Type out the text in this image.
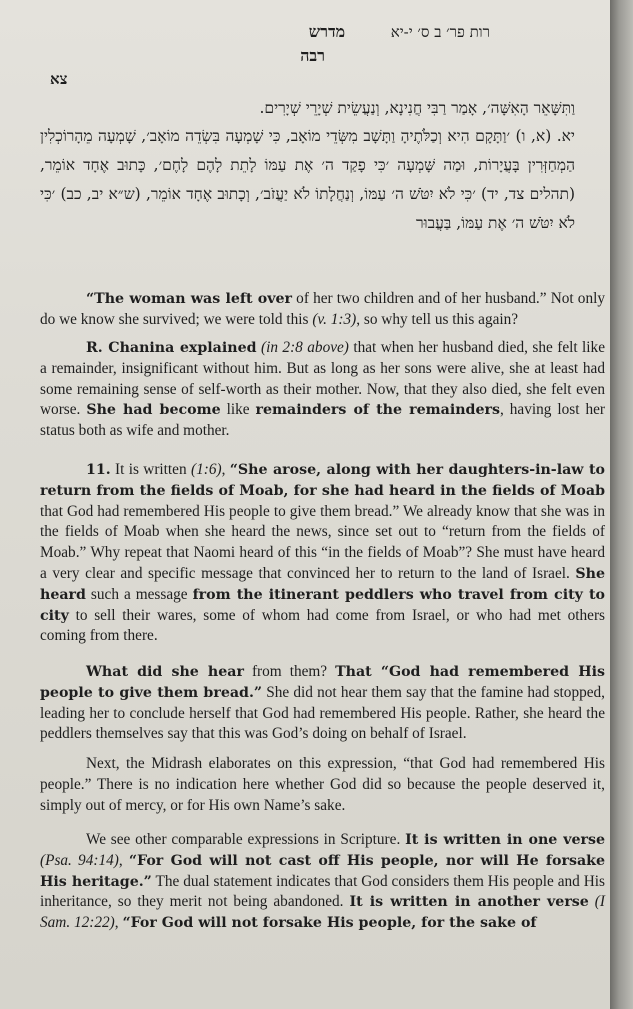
רות פר׳ ב ס׳ י-יא מדרש
רבה
צא
וַתִּשָּׁאֵר הָאִשָּׁה׳, אָמַר רַבִּי חֲנִינָא, וְנַעֲשֵׂית שְׁיָרֵי שְׁיָרִים.
יא. (א, ו) ׳וַתָּקָם הִיא וְכַלֹּתֶיהָ וַתָּשָׁב מִשְּׂדֵי מוֹאָב, כִּי שָׁמְעָה בִּשְׂדֵה מוֹאָב׳, שָׁמְעָה מֵהָרוֹכְלִין הַמְחַזְּרִין בָּעֲיָרוֹת, וּמַה שָּׁמְעָה ׳כִּי פָקַד ה׳ אֶת עַמּוֹ לָתֵת לָהֶם לָחֶם׳, כָּתוּב אֶחָד אוֹמֵר, (תהלים צד, יד) ׳כִּי לֹא יִטֹּשׁ ה׳ עַמּוֹ, וְנַחֲלָתוֹ לֹא יַעֲזֹב׳, וְכָתוּב אֶחָד אוֹמֵר, (ש״א יב, כב) ׳כִּי לֹא יִטֹּשׁ ה׳ אֶת עַמּוֹ, בַּעֲבוּר

“The woman was left over of her two children and of her husband.” Not only do we know she survived; we were told this (v. 1:3), so why tell us this again?

R. Chanina explained (in 2:8 above) that when her husband died, she felt like a remainder, insignificant without him. But as long as her sons were alive, she at least had some remaining sense of self-worth as their mother. Now, that they also died, she felt even worse. She had become like remainders of the remainders, having lost her status both as wife and mother.

11. It is written (1:6), “She arose, along with her daughters-in-law to return from the fields of Moab, for she had heard in the fields of Moab that God had remembered His people to give them bread.” We already know that she was in the fields of Moab when she heard the news, since set out to “return from the fields of Moab.” Why repeat that Naomi heard of this “in the fields of Moab”? She must have heard a very clear and specific message that convinced her to return to the land of Israel. She heard such a message from the itinerant peddlers who travel from city to city to sell their wares, some of whom had come from Israel, or who had met others coming from there.

What did she hear from them? That “God had remembered His people to give them bread.” She did not hear them say that the famine had stopped, leading her to conclude herself that God had remembered His people. Rather, she heard the peddlers themselves say that this was God’s doing on behalf of Israel.

Next, the Midrash elaborates on this expression, “that God had remembered His people.” There is no indication here whether God did so because the people deserved it, simply out of mercy, or for His own Name’s sake.

We see other comparable expressions in Scripture. It is written in one verse (Psa. 94:14), “For God will not cast off His people, nor will He forsake His heritage.” The dual statement indicates that God considers them His people and His inheritance, so they merit not being abandoned. It is written in another verse (I Sam. 12:22), “For God will not forsake His people, for the sake of
